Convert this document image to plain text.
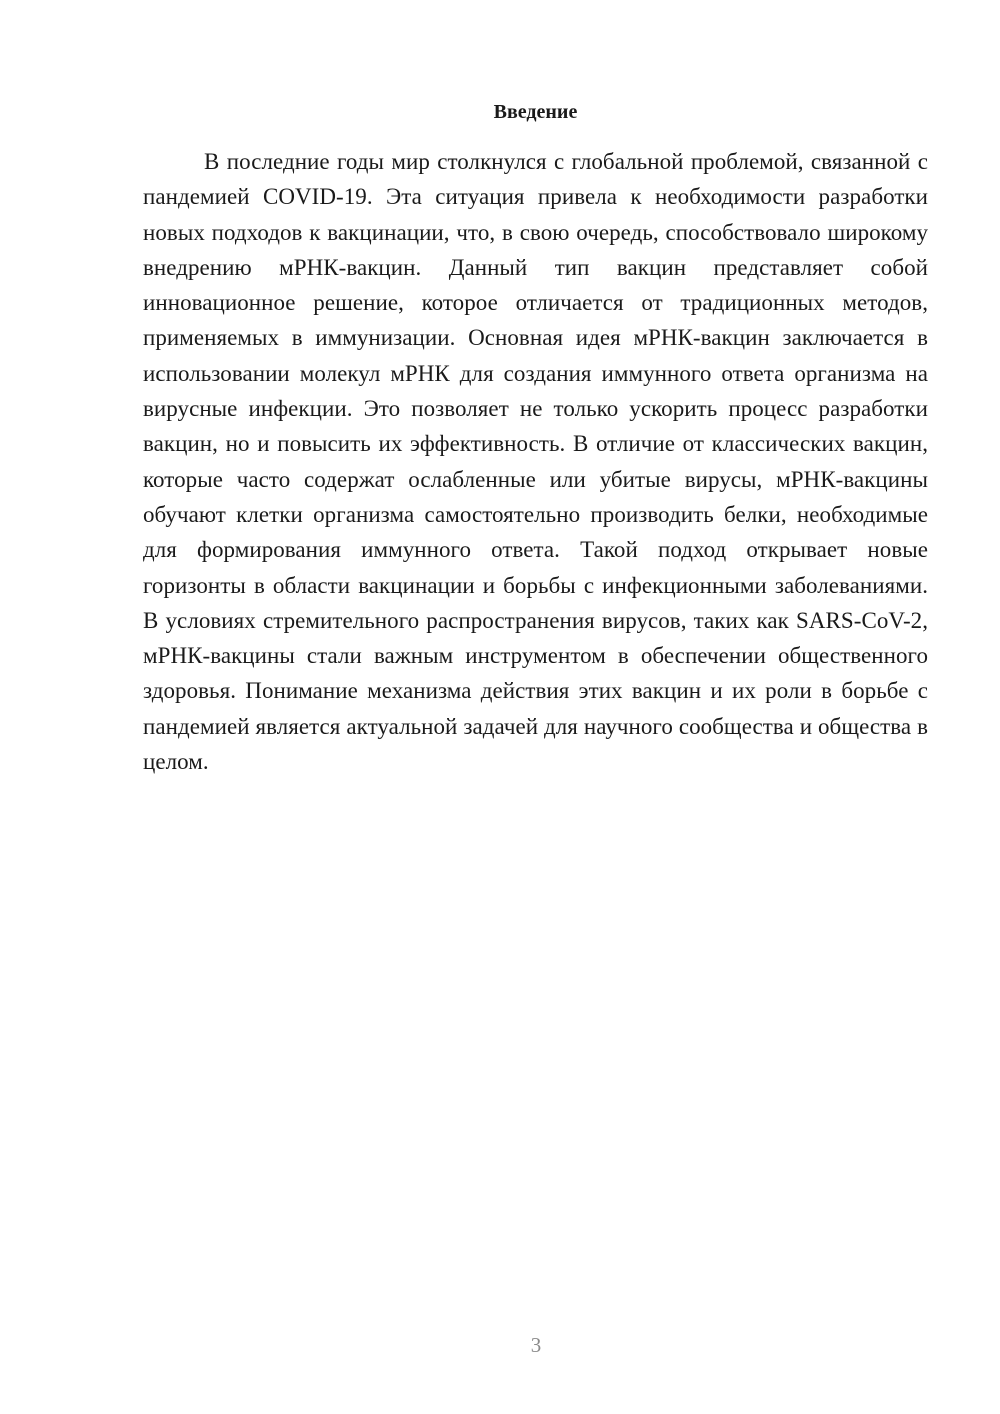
Введение

В последние годы мир столкнулся с глобальной проблемой, связанной с пандемией COVID-19. Эта ситуация привела к необходимости разработки новых подходов к вакцинации, что, в свою очередь, способствовало широкому внедрению мРНК-вакцин. Данный тип вакцин представляет собой инновационное решение, которое отличается от традиционных методов, применяемых в иммунизации. Основная идея мРНК-вакцин заключается в использовании молекул мРНК для создания иммунного ответа организма на вирусные инфекции. Это позволяет не только ускорить процесс разработки вакцин, но и повысить их эффективность. В отличие от классических вакцин, которые часто содержат ослабленные или убитые вирусы, мРНК-вакцины обучают клетки организма самостоятельно производить белки, необходимые для формирования иммунного ответа. Такой подход открывает новые горизонты в области вакцинации и борьбы с инфекционными заболеваниями. В условиях стремительного распространения вирусов, таких как SARS-CoV-2, мРНК-вакцины стали важным инструментом в обеспечении общественного здоровья. Понимание механизма действия этих вакцин и их роли в борьбе с пандемией является актуальной задачей для научного сообщества и общества в целом.

3
